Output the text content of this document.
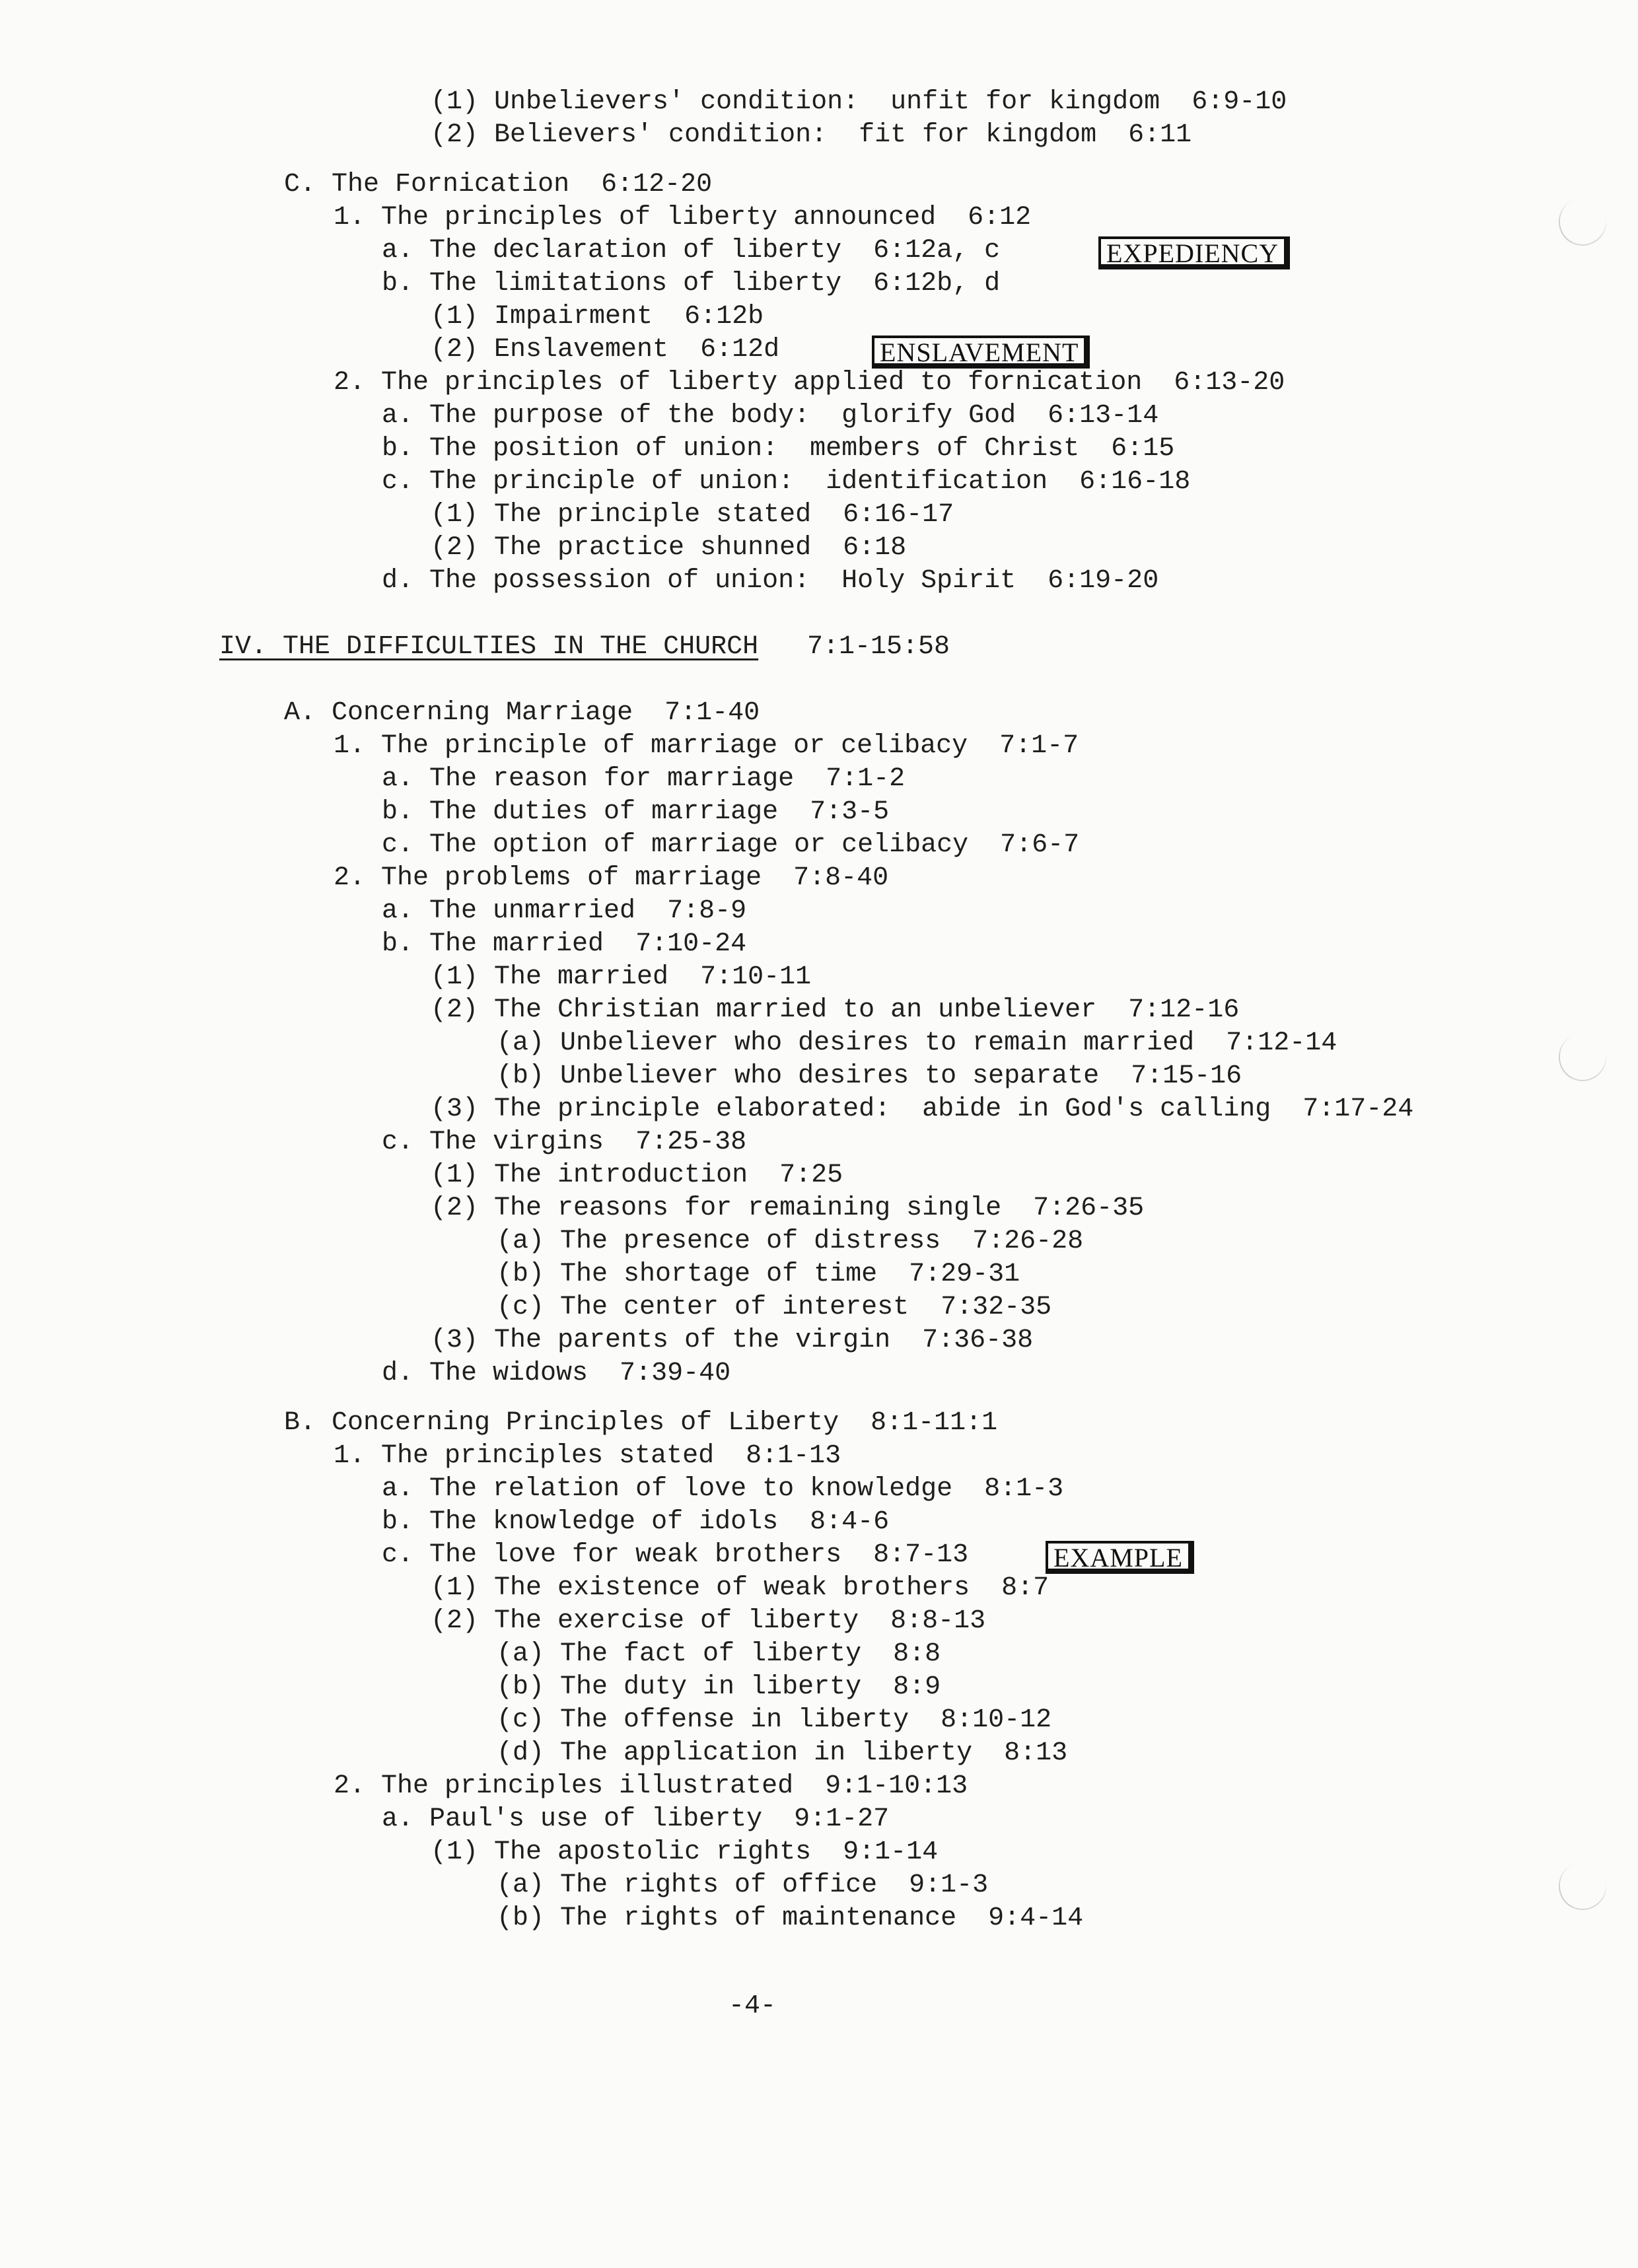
(1) Unbelievers' condition:  unfit for kingdom  6:9-10
(2) Believers' condition:  fit for kingdom  6:11
C. The Fornication  6:12-20
1. The principles of liberty announced  6:12
a. The declaration of liberty  6:12a, c	EXPEDIENCY
b. The limitations of liberty  6:12b, d
(1) Impairment  6:12b
(2) Enslavement  6:12d	ENSLAVEMENT
2. The principles of liberty applied to fornication  6:13-20
a. The purpose of the body:  glorify God  6:13-14
b. The position of union:  members of Christ  6:15
c. The principle of union:  identification  6:16-18
(1) The principle stated  6:16-17
(2) The practice shunned  6:18
d. The possession of union:  Holy Spirit  6:19-20
IV. THE DIFFICULTIES IN THE CHURCH 7:1-15:58
A. Concerning Marriage  7:1-40
1. The principle of marriage or celibacy  7:1-7
a. The reason for marriage  7:1-2
b. The duties of marriage  7:3-5
c. The option of marriage or celibacy  7:6-7
2. The problems of marriage  7:8-40
a. The unmarried  7:8-9
b. The married  7:10-24
(1) The married  7:10-11
(2) The Christian married to an unbeliever  7:12-16
(a) Unbeliever who desires to remain married  7:12-14
(b) Unbeliever who desires to separate  7:15-16
(3) The principle elaborated:  abide in God's calling  7:17-24
c. The virgins  7:25-38
(1) The introduction  7:25
(2) The reasons for remaining single  7:26-35
(a) The presence of distress  7:26-28
(b) The shortage of time  7:29-31
(c) The center of interest  7:32-35
(3) The parents of the virgin  7:36-38
d. The widows  7:39-40
B. Concerning Principles of Liberty  8:1-11:1
1. The principles stated  8:1-13
a. The relation of love to knowledge  8:1-3
b. The knowledge of idols  8:4-6
c. The love for weak brothers  8:7-13	EXAMPLE
(1) The existence of weak brothers  8:7
(2) The exercise of liberty  8:8-13
(a) The fact of liberty  8:8
(b) The duty in liberty  8:9
(c) The offense in liberty  8:10-12
(d) The application in liberty  8:13
2. The principles illustrated  9:1-10:13
a. Paul's use of liberty  9:1-27
(1) The apostolic rights  9:1-14
(a) The rights of office  9:1-3
(b) The rights of maintenance  9:4-14
-4-
